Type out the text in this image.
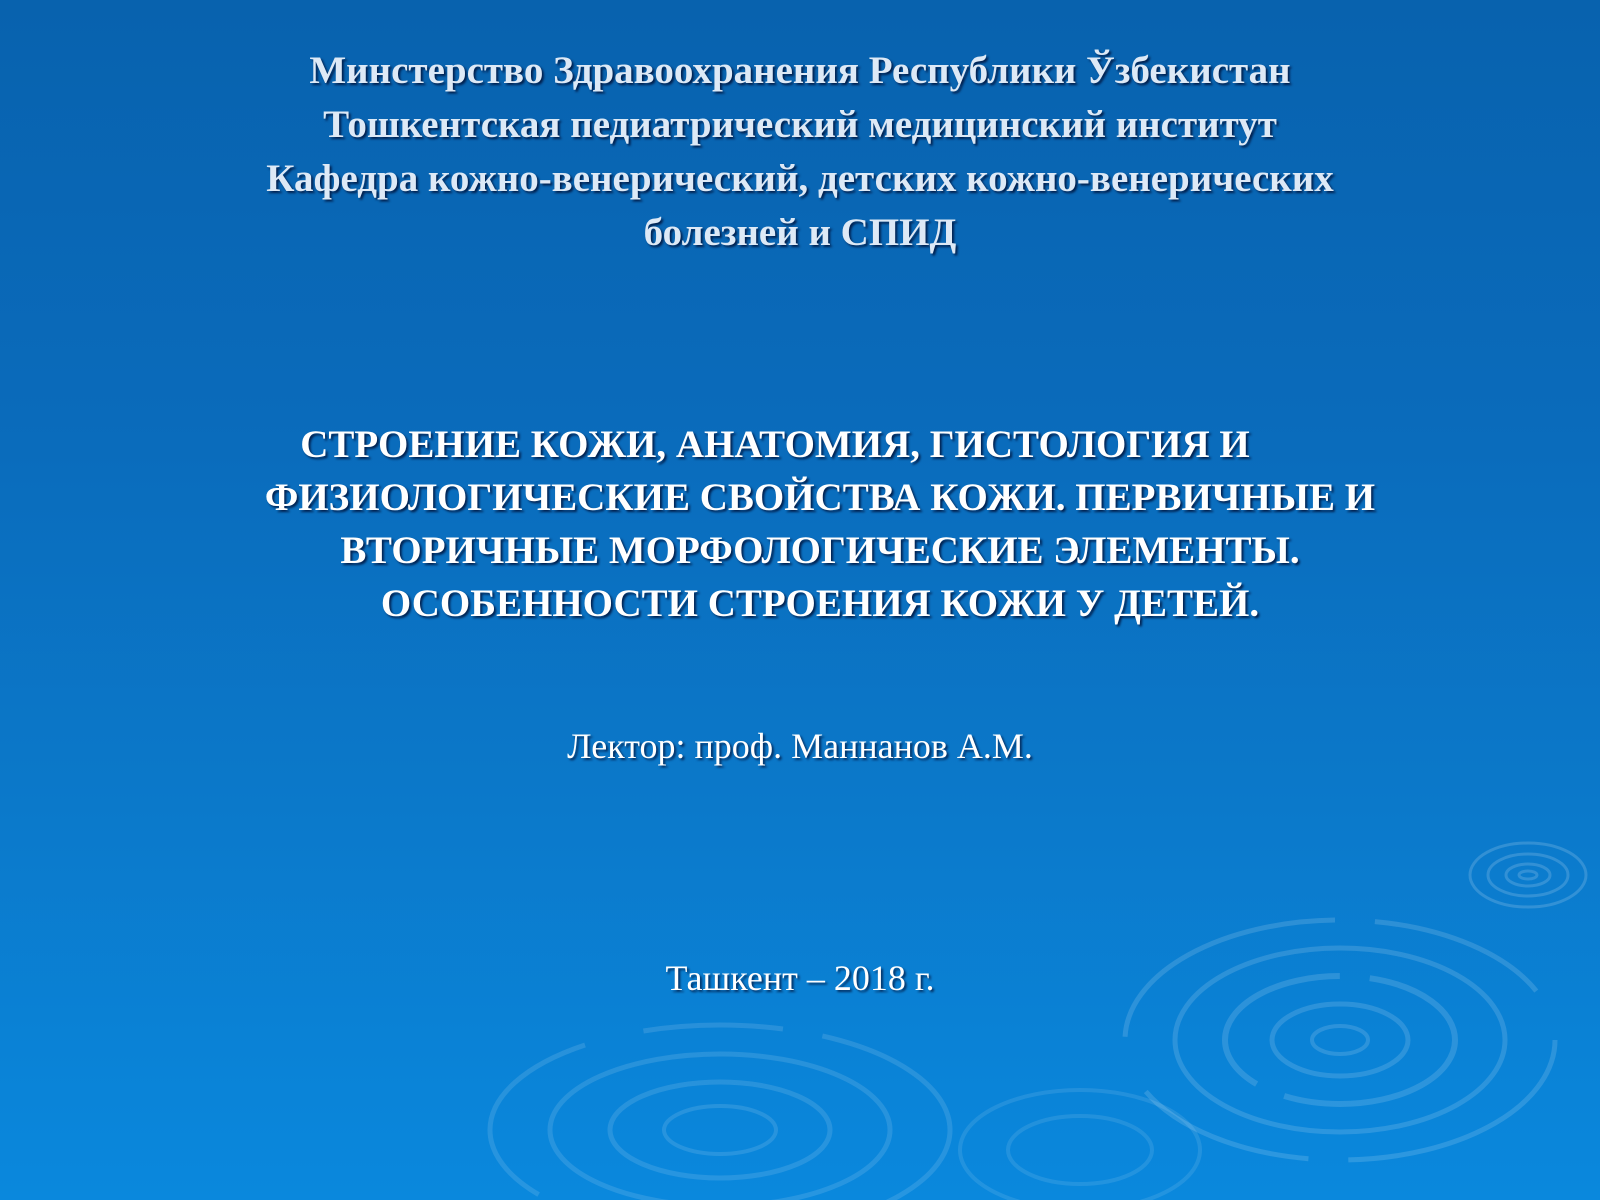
Минстерство Здравоохранения Республики Ўзбекистан
Тошкентская педиатрический медицинский институт
Кафедра кожно-венерический, детских кожно-венерических
болезней и СПИД
СТРОЕНИЕ КОЖИ, АНАТОМИЯ, ГИСТОЛОГИЯ И
ФИЗИОЛОГИЧЕСКИЕ СВОЙСТВА КОЖИ. ПЕРВИЧНЫЕ И
ВТОРИЧНЫЕ МОРФОЛОГИЧЕСКИЕ ЭЛЕМЕНТЫ.
ОСОБЕННОСТИ СТРОЕНИЯ КОЖИ У ДЕТЕЙ.
Лектор: проф. Маннанов А.М.
Ташкент – 2018 г.
